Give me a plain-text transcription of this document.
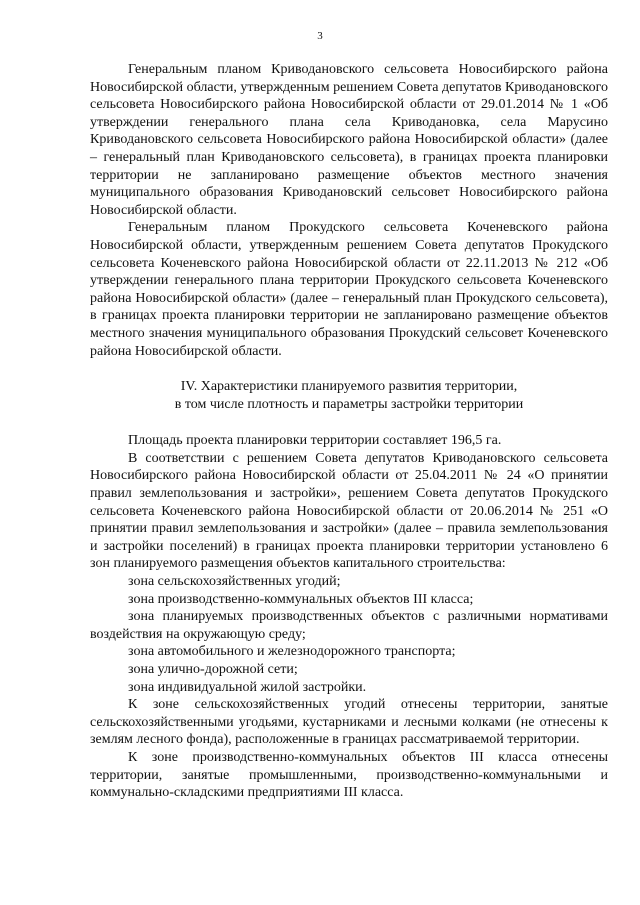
3

Генеральным планом Криводановского сельсовета Новосибирского района Новосибирской области, утвержденным решением Совета депутатов Криводановского сельсовета Новосибирского района Новосибирской области от 29.01.2014 № 1 «Об утверждении генерального плана села Криводановка, села Марусино Криводановского сельсовета Новосибирского района Новосибирской области» (далее – генеральный план Криводановского сельсовета), в границах проекта планировки территории не запланировано размещение объектов местного значения муниципального образования Криводановский сельсовет Новосибирского района Новосибирской области.

Генеральным планом Прокудского сельсовета Коченевского района Новосибирской области, утвержденным решением Совета депутатов Прокудского сельсовета Коченевского района Новосибирской области от 22.11.2013 № 212 «Об утверждении генерального плана территории Прокудского сельсовета Коченевского района Новосибирской области» (далее – генеральный план Прокудского сельсовета), в границах проекта планировки территории не запланировано размещение объектов местного значения муниципального образования Прокудский сельсовет Коченевского района Новосибирской области.

IV. Характеристики планируемого развития территории,
в том числе плотность и параметры застройки территории

Площадь проекта планировки территории составляет 196,5 га.

В соответствии с решением Совета депутатов Криводановского сельсовета Новосибирского района Новосибирской области от 25.04.2011 № 24 «О принятии правил землепользования и застройки», решением Совета депутатов Прокудского сельсовета Коченевского района Новосибирской области от 20.06.2014 № 251 «О принятии правил землепользования и застройки» (далее – правила землепользования и застройки поселений) в границах проекта планировки территории установлено 6 зон планируемого размещения объектов капитального строительства:

зона сельскохозяйственных угодий;

зона производственно-коммунальных объектов III класса;

зона планируемых производственных объектов с различными нормативами воздействия на окружающую среду;

зона автомобильного и железнодорожного транспорта;

зона улично-дорожной сети;

зона индивидуальной жилой застройки.

К зоне сельскохозяйственных угодий отнесены территории, занятые сельскохозяйственными угодьями, кустарниками и лесными колками (не отнесены к землям лесного фонда), расположенные в границах рассматриваемой территории.

К зоне производственно-коммунальных объектов III класса отнесены территории, занятые промышленными, производственно-коммунальными и коммунально-складскими предприятиями III класса.
